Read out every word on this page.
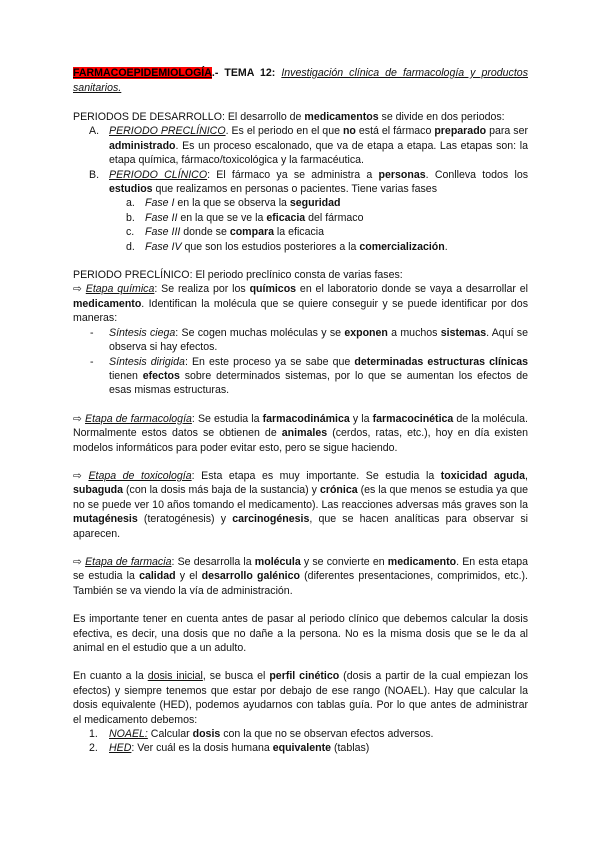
FARMACOEPIDEMIOLOGÍA.- TEMA 12: Investigación clínica de farmacología y productos sanitarios.

PERIODOS DE DESARROLLO: El desarrollo de medicamentos se divide en dos periodos:

A. PERIODO PRECLÍNICO. Es el periodo en el que no está el fármaco preparado para ser administrado. Es un proceso escalonado, que va de etapa a etapa. Las etapas son: la etapa química, fármaco/toxicológica y la farmacéutica.
B. PERIODO CLÍNICO: El fármaco ya se administra a personas. Conlleva todos los estudios que realizamos en personas o pacientes. Tiene varias fases
a. Fase I en la que se observa la seguridad
b. Fase II en la que se ve la eficacia del fármaco
c. Fase III donde se compara la eficacia
d. Fase IV que son los estudios posteriores a la comercialización.

PERIODO PRECLÍNICO: El periodo preclínico consta de varias fases:

⇨ Etapa química: Se realiza por los químicos en el laboratorio donde se vaya a desarrollar el medicamento. Identifican la molécula que se quiere conseguir y se puede identificar por dos maneras:

- Síntesis ciega: Se cogen muchas moléculas y se exponen a muchos sistemas. Aquí se observa si hay efectos.
- Síntesis dirigida: En este proceso ya se sabe que determinadas estructuras clínicas tienen efectos sobre determinados sistemas, por lo que se aumentan los efectos de esas mismas estructuras.

⇨ Etapa de farmacología: Se estudia la farmacodinámica y la farmacocinética de la molécula. Normalmente estos datos se obtienen de animales (cerdos, ratas, etc.), hoy en día existen modelos informáticos para poder evitar esto, pero se sigue haciendo.

⇨ Etapa de toxicología: Esta etapa es muy importante. Se estudia la toxicidad aguda, subaguda (con la dosis más baja de la sustancia) y crónica (es la que menos se estudia ya que no se puede ver 10 años tomando el medicamento). Las reacciones adversas más graves son la mutagénesis (teratogénesis) y carcinogénesis, que se hacen analíticas para observar si aparecen.

⇨ Etapa de farmacia: Se desarrolla la molécula y se convierte en medicamento. En esta etapa se estudia la calidad y el desarrollo galénico (diferentes presentaciones, comprimidos, etc.). También se va viendo la vía de administración.

Es importante tener en cuenta antes de pasar al periodo clínico que debemos calcular la dosis efectiva, es decir, una dosis que no dañe a la persona. No es la misma dosis que se le da al animal en el estudio que a un adulto.

En cuanto a la dosis inicial, se busca el perfil cinético (dosis a partir de la cual empiezan los efectos) y siempre tenemos que estar por debajo de ese rango (NOAEL). Hay que calcular la dosis equivalente (HED), podemos ayudarnos con tablas guía. Por lo que antes de administrar el medicamento debemos:

1. NOAEL: Calcular dosis con la que no se observan efectos adversos.
2. HED: Ver cuál es la dosis humana equivalente (tablas)
